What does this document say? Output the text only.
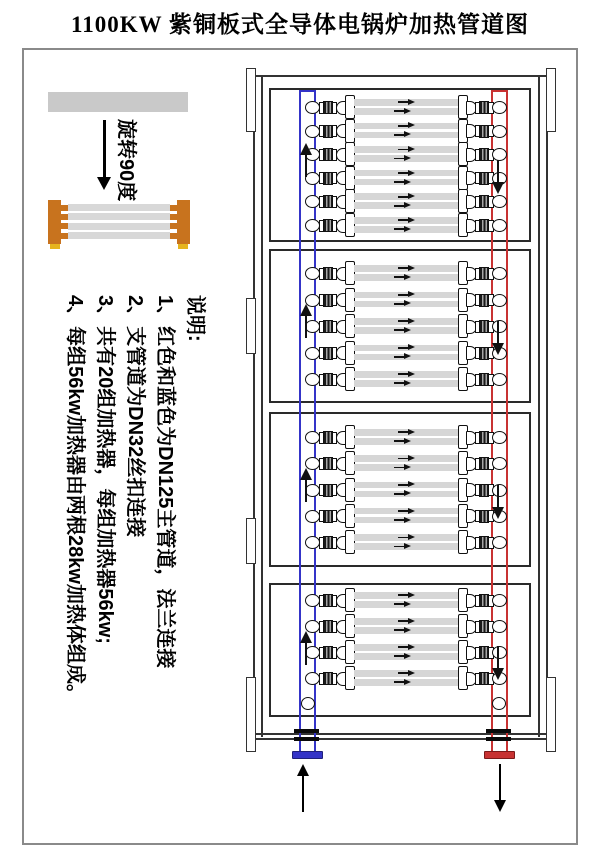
1100KW 紫铜板式全导体电锅炉加热管道图
旋转90度
说明:
1、红色和蓝色为DN125主管道，法兰连接
2、支管道为DN32丝扣连接
3、共有20组加热器，每组加热器56kw;
4、每组56kw加热器由两根28kw加热体组成。
